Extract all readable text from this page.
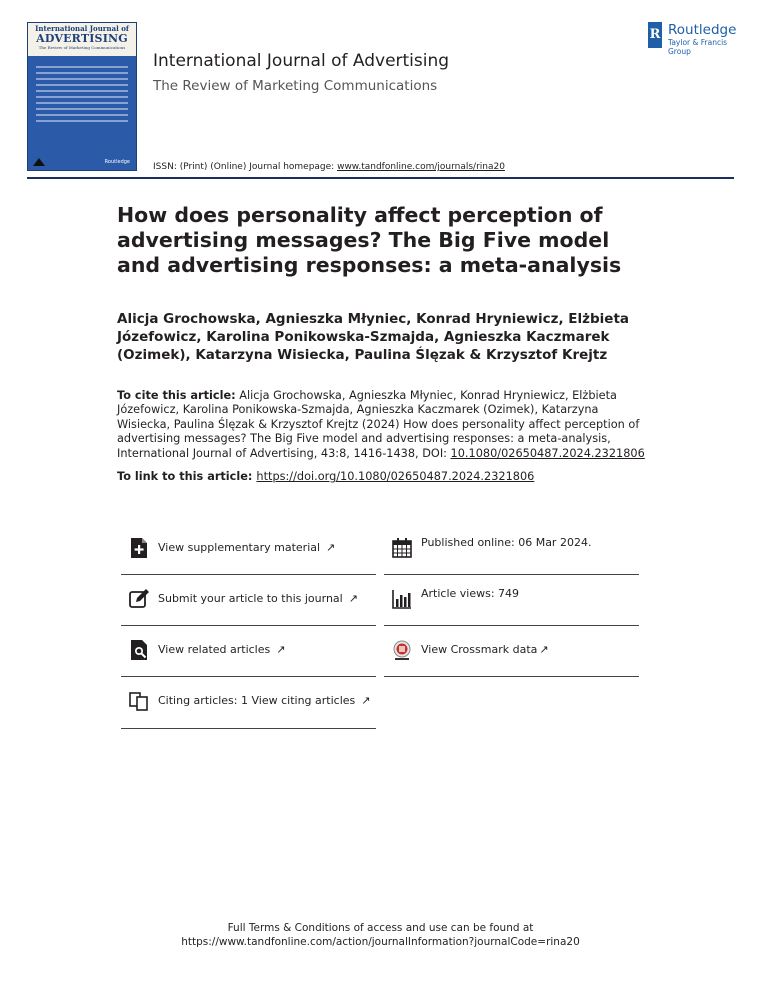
International Journal of
ADVERTISING
The Review of Marketing Communications
Routledge
International Journal of Advertising
The Review of Marketing Communications
ISSN: (Print) (Online) Journal homepage: www.tandfonline.com/journals/rina20
R Routledge
Taylor & Francis Group
How does personality affect perception of advertising messages? The Big Five model and advertising responses: a meta-analysis
Alicja Grochowska, Agnieszka Młyniec, Konrad Hryniewicz, Elżbieta Józefowicz, Karolina Ponikowska-Szmajda, Agnieszka Kaczmarek (Ozimek), Katarzyna Wisiecka, Paulina Ślęzak & Krzysztof Krejtz
To cite this article: Alicja Grochowska, Agnieszka Młyniec, Konrad Hryniewicz, Elżbieta Józefowicz, Karolina Ponikowska-Szmajda, Agnieszka Kaczmarek (Ozimek), Katarzyna Wisiecka, Paulina Ślęzak & Krzysztof Krejtz (2024) How does personality affect perception of advertising messages? The Big Five model and advertising responses: a meta-analysis, International Journal of Advertising, 43:8, 1416-1438, DOI: 10.1080/02650487.2024.2321806
To link to this article: https://doi.org/10.1080/02650487.2024.2321806
View supplementary material ↗
Submit your article to this journal ↗
View related articles ↗
Citing articles: 1 View citing articles ↗
Published online: 06 Mar 2024.
Article views: 749
View Crossmark data ↗
Full Terms & Conditions of access and use can be found at
https://www.tandfonline.com/action/journalInformation?journalCode=rina20
